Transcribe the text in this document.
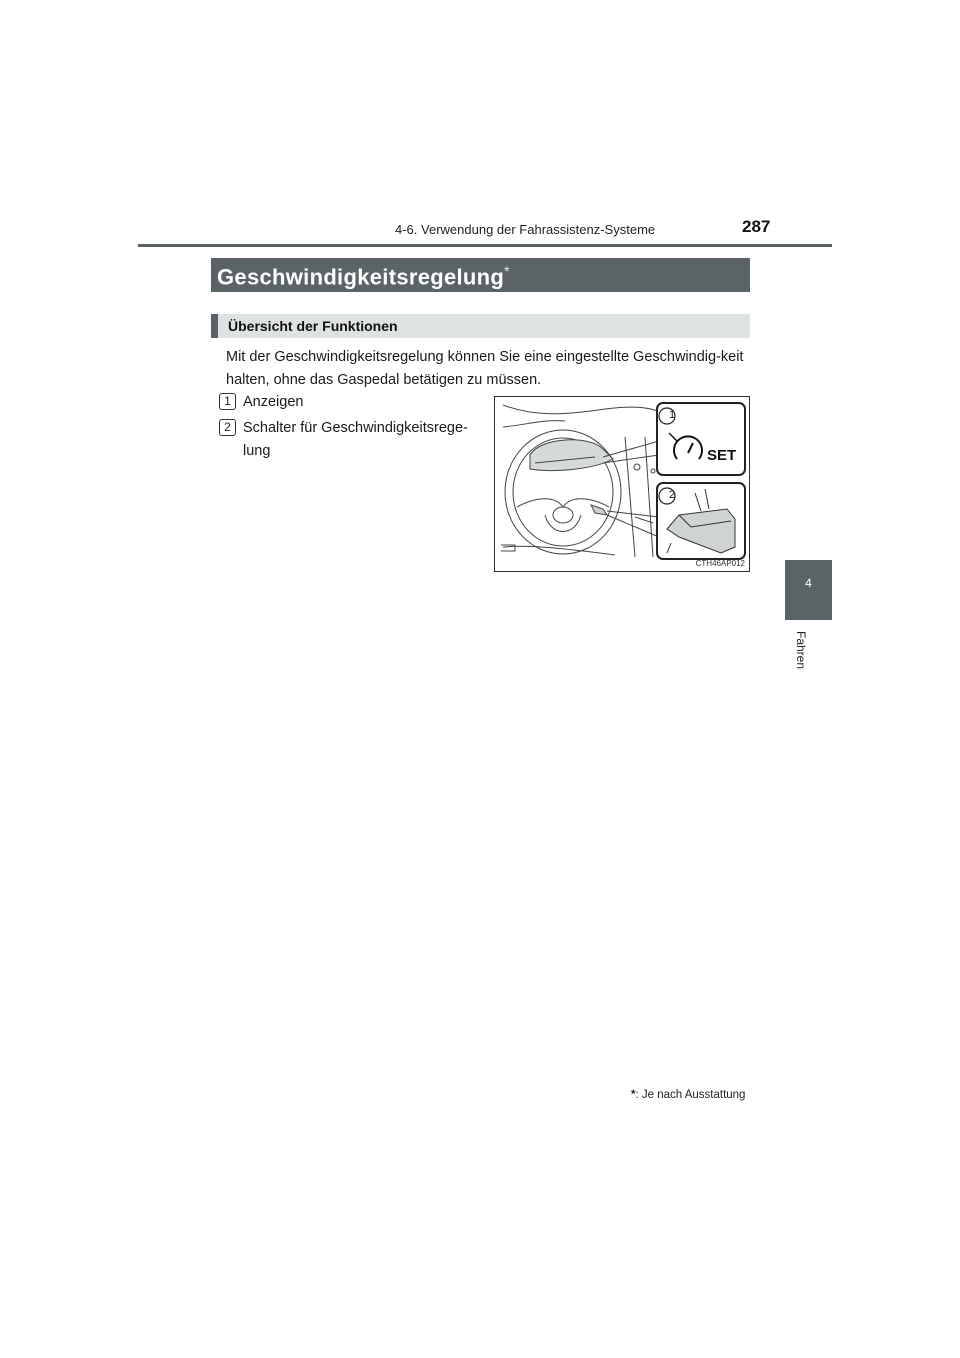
4-6. Verwendung der Fahrassistenz-Systeme	287
4
Fahren
Geschwindigkeitsregelung*
Übersicht der Funktionen
Mit der Geschwindigkeitsregelung können Sie eine eingestellte Geschwindig-keit halten, ohne das Gaspedal betätigen zu müssen.
1 Anzeigen
2 Schalter für Geschwindigkeitsrege-lung
1
2
SET
CTH46AP012
*: Je nach Ausstattung
